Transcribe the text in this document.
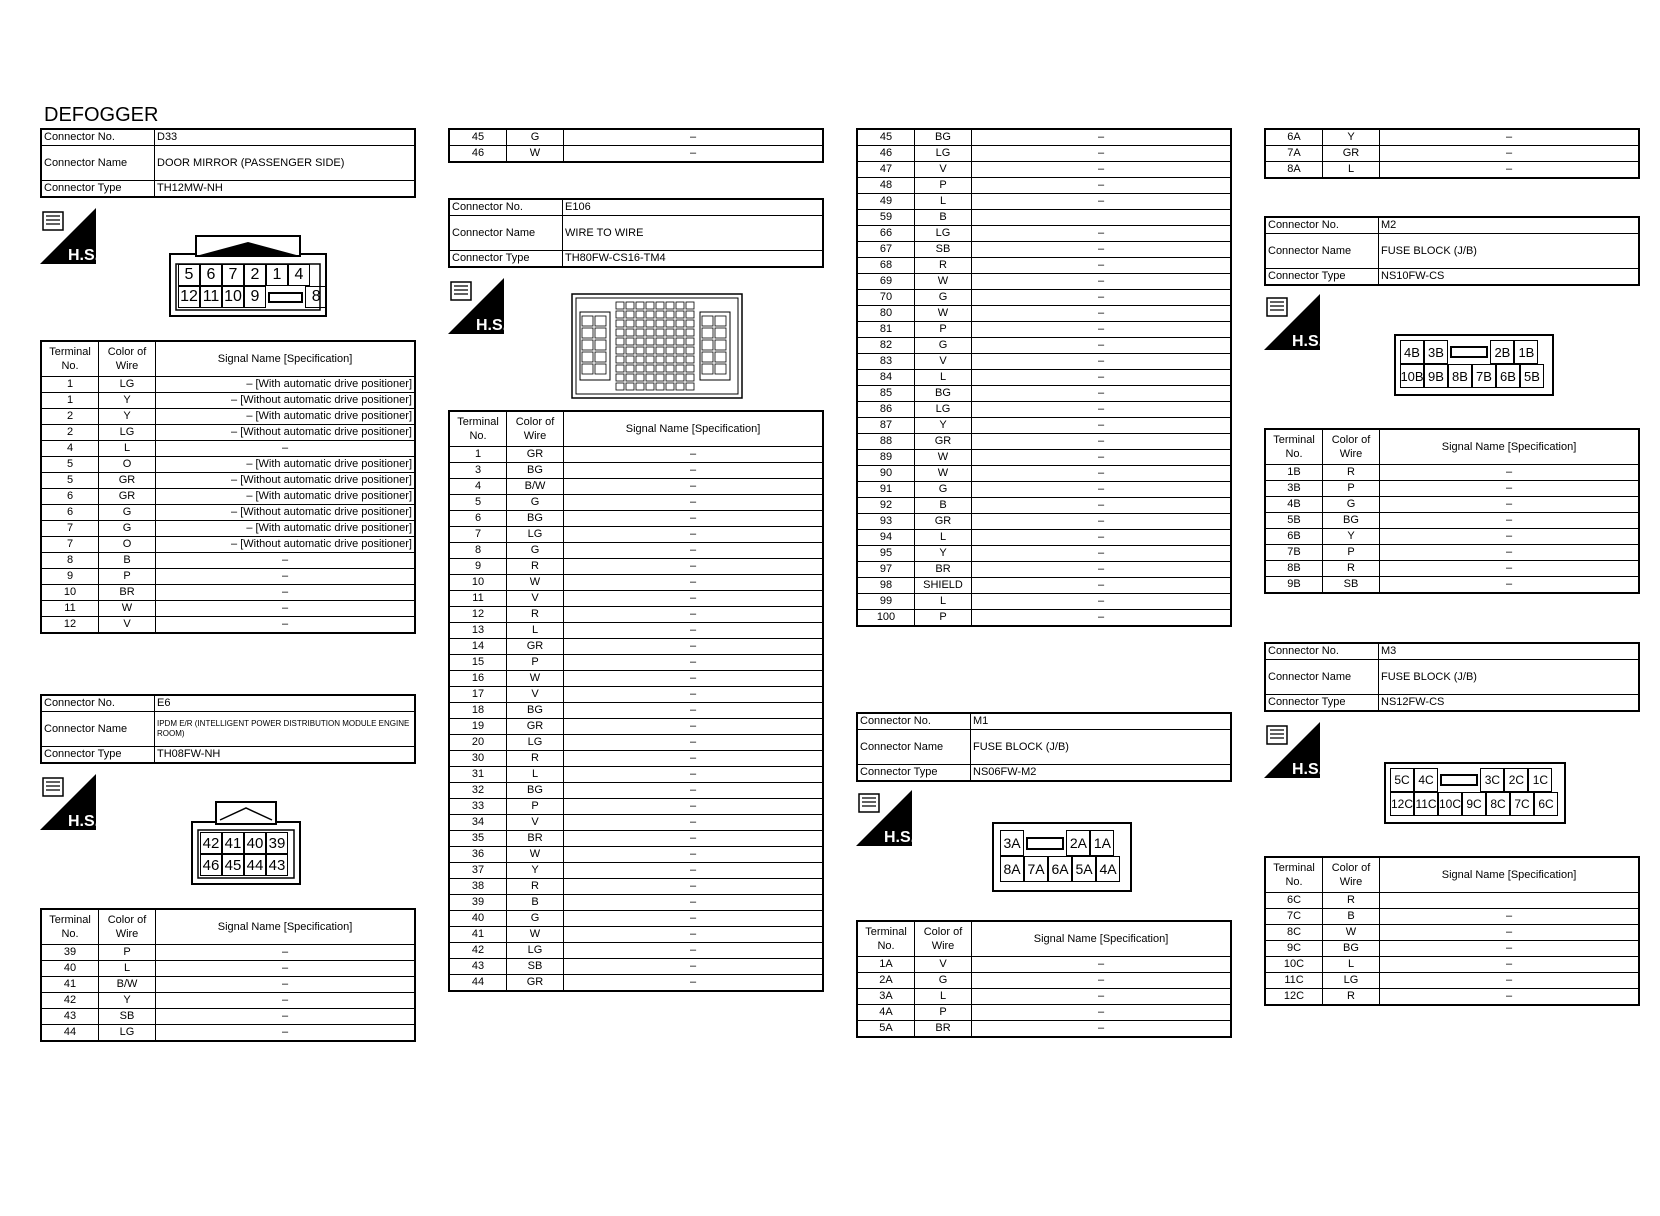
DEFOGGER
Connector No.	D33
Connector Name	DOOR MIRROR (PASSENGER SIDE)
Connector Type	TH12MW-NH
H.S.
5 6 7 2 1 4
12 11 10 9	8
Terminal No.	Color of Wire	Signal Name [Specification]
1	LG	– [With automatic drive positioner]
1	Y	– [Without automatic drive positioner]
2	Y	– [With automatic drive positioner]
2	LG	– [Without automatic drive positioner]
4	L	–
5	O	– [With automatic drive positioner]
5	GR	– [Without automatic drive positioner]
6	GR	– [With automatic drive positioner]
6	G	– [Without automatic drive positioner]
7	G	– [With automatic drive positioner]
7	O	– [Without automatic drive positioner]
8	B	–
9	P	–
10	BR	–
11	W	–
12	V	–
Connector No.	E6
Connector Name	IPDM E/R (INTELLIGENT POWER DISTRIBUTION MODULE ENGINE ROOM)
Connector Type	TH08FW-NH
H.S.
42 41 40 39
46 45 44 43
Terminal No.	Color of Wire	Signal Name [Specification]
39	P	–
40	L	–
41	B/W	–
42	Y	–
43	SB	–
44	LG	–
45	G	–
46	W	–
Connector No.	E106
Connector Name	WIRE TO WIRE
Connector Type	TH80FW-CS16-TM4
H.S.
Terminal No.	Color of Wire	Signal Name [Specification]
1	GR	–
3	BG	–
4	B/W	–
5	G	–
6	BG	–
7	LG	–
8	G	–
9	R	–
10	W	–
11	V	–
12	R	–
13	L	–
14	GR	–
15	P	–
16	W	–
17	V	–
18	BG	–
19	GR	–
20	LG	–
30	R	–
31	L	–
32	BG	–
33	P	–
34	V	–
35	BR	–
36	W	–
37	Y	–
38	R	–
39	B	–
40	G	–
41	W	–
42	LG	–
43	SB	–
44	GR	–
45	BG	–
46	LG	–
47	V	–
48	P	–
49	L	–
59	B	
66	LG	–
67	SB	–
68	R	–
69	W	–
70	G	–
80	W	–
81	P	–
82	G	–
83	V	–
84	L	–
85	BG	–
86	LG	–
87	Y	–
88	GR	–
89	W	–
90	W	–
91	G	–
92	B	–
93	GR	–
94	L	–
95	Y	–
97	BR	–
98	SHIELD	–
99	L	–
100	P	–
Connector No.	M1
Connector Name	FUSE BLOCK (J/B)
Connector Type	NS06FW-M2
H.S.	3A	2A 1A
8A 7A 6A 5A 4A
Terminal No.	Color of Wire	Signal Name [Specification]
1A	V	–
2A	G	–
3A	L	–
4A	P	–
5A	BR	–
6A	Y	–
7A	GR	–
8A	L	–
Connector No.	M2
Connector Name	FUSE BLOCK (J/B)
Connector Type	NS10FW-CS
H.S.
4B 3B	2B 1B
10B 9B 8B 7B 6B 5B
Terminal No.	Color of Wire	Signal Name [Specification]
1B	R	–
3B	P	–
4B	G	–
5B	BG	–
6B	Y	–
7B	P	–
8B	R	–
9B	SB	–
Connector No.	M3
Connector Name	FUSE BLOCK (J/B)
Connector Type	NS12FW-CS
H.S.
5C 4C	3C 2C 1C
12C 11C 10C 9C 8C 7C 6C
Terminal No.	Color of Wire	Signal Name [Specification]
6C	R	
7C	B	–
8C	W	–
9C	BG	–
10C	L	–
11C	LG	–
12C	R	–
